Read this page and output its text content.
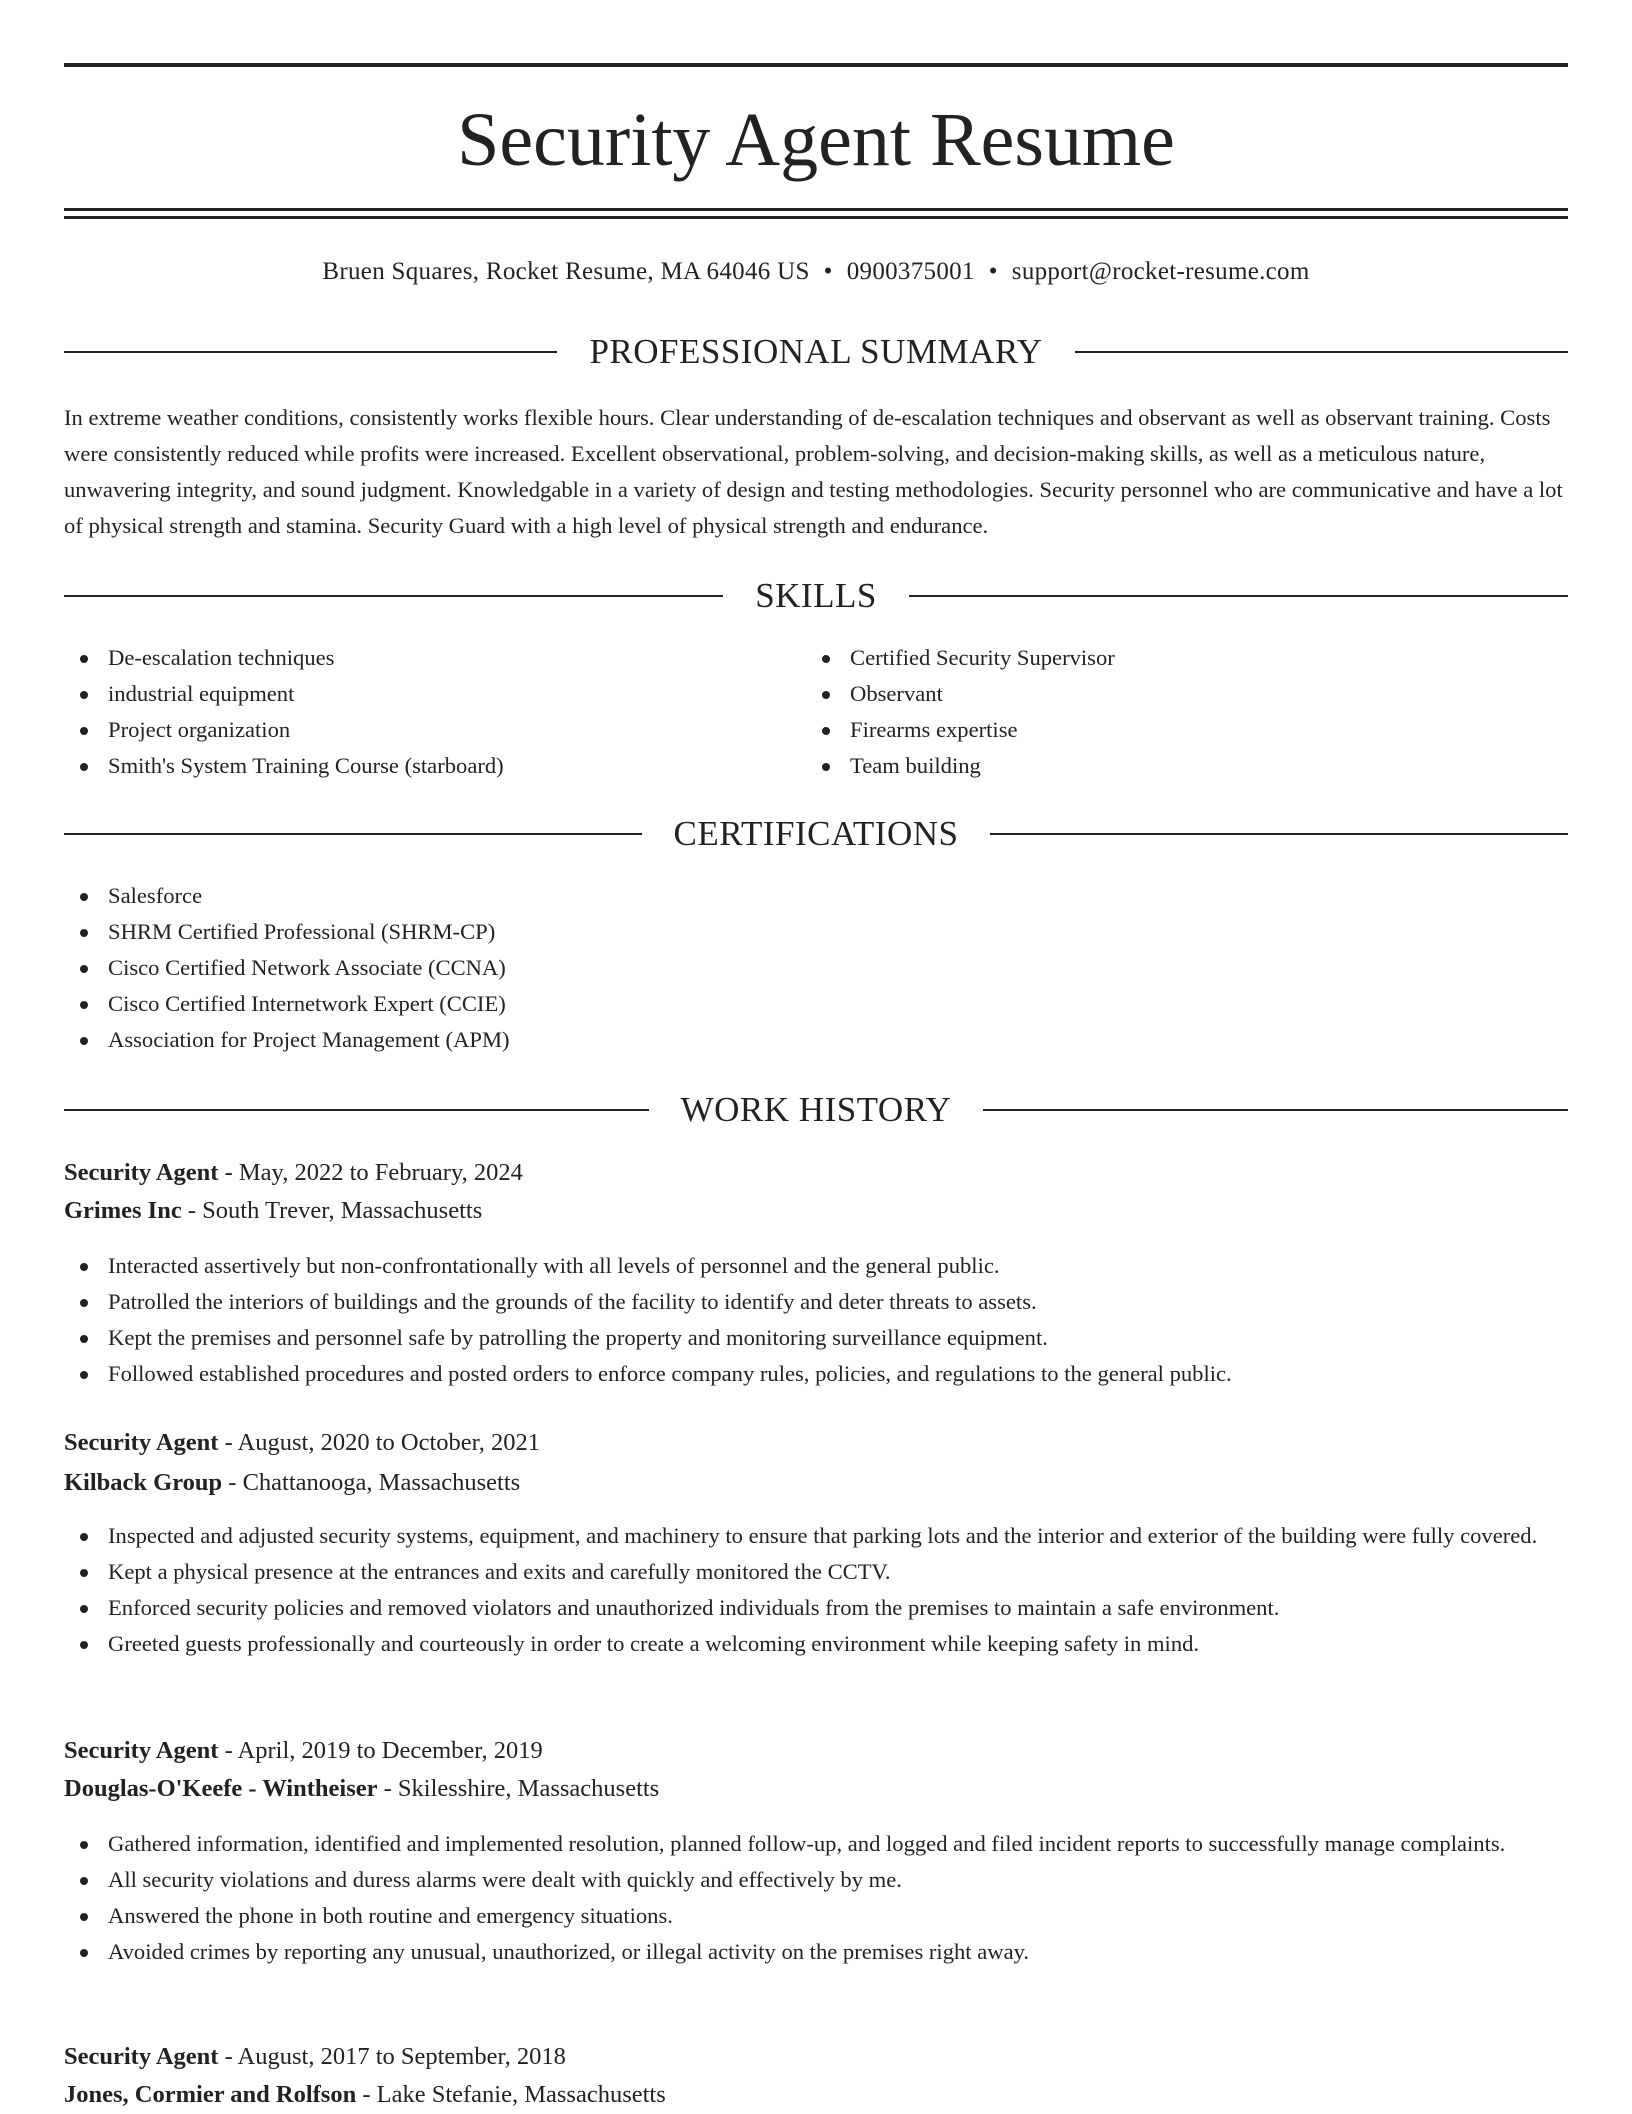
Security Agent Resume
Bruen Squares, Rocket Resume, MA 64046 US • 0900375001 • support@rocket-resume.com
PROFESSIONAL SUMMARY

In extreme weather conditions, consistently works flexible hours. Clear understanding of de-escalation techniques and observant as well as observant training. Costs were consistently reduced while profits were increased. Excellent observational, problem-solving, and decision-making skills, as well as a meticulous nature, unwavering integrity, and sound judgment. Knowledgable in a variety of design and testing methodologies. Security personnel who are communicative and have a lot of physical strength and stamina. Security Guard with a high level of physical strength and endurance.

SKILLS
De-escalation techniques
industrial equipment
Project organization
Smith's System Training Course (starboard)
Certified Security Supervisor
Observant
Firearms expertise
Team building
CERTIFICATIONS
Salesforce
SHRM Certified Professional (SHRM-CP)
Cisco Certified Network Associate (CCNA)
Cisco Certified Internetwork Expert (CCIE)
Association for Project Management (APM)
WORK HISTORY
Security Agent - May, 2022 to February, 2024
Grimes Inc - South Trever, Massachusetts
Interacted assertively but non-confrontationally with all levels of personnel and the general public.
Patrolled the interiors of buildings and the grounds of the facility to identify and deter threats to assets.
Kept the premises and personnel safe by patrolling the property and monitoring surveillance equipment.
Followed established procedures and posted orders to enforce company rules, policies, and regulations to the general public.
Security Agent - August, 2020 to October, 2021
Kilback Group - Chattanooga, Massachusetts
Inspected and adjusted security systems, equipment, and machinery to ensure that parking lots and the interior and exterior of the building were fully covered.
Kept a physical presence at the entrances and exits and carefully monitored the CCTV.
Enforced security policies and removed violators and unauthorized individuals from the premises to maintain a safe environment.
Greeted guests professionally and courteously in order to create a welcoming environment while keeping safety in mind.
Security Agent - April, 2019 to December, 2019
Douglas-O'Keefe - Wintheiser - Skilesshire, Massachusetts
Gathered information, identified and implemented resolution, planned follow-up, and logged and filed incident reports to successfully manage complaints.
All security violations and duress alarms were dealt with quickly and effectively by me.
Answered the phone in both routine and emergency situations.
Avoided crimes by reporting any unusual, unauthorized, or illegal activity on the premises right away.
Security Agent - August, 2017 to September, 2018
Jones, Cormier and Rolfson - Lake Stefanie, Massachusetts
